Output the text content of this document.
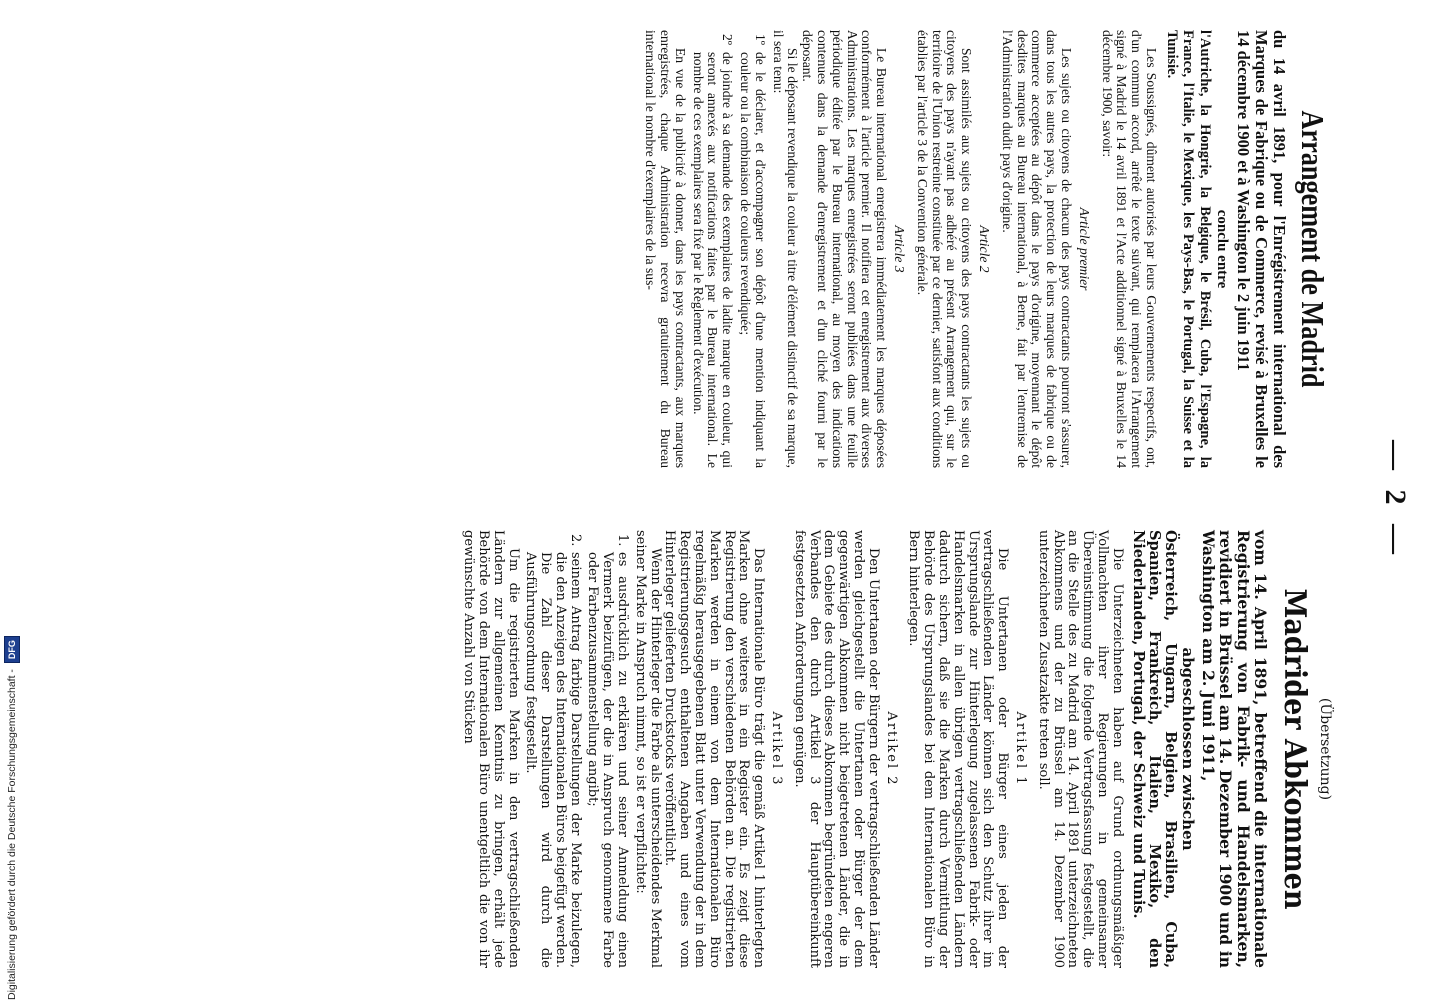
— 2 —
Arrangement de Madrid

du 14 avril 1891, pour l'Enrégistrement international des Marques de Fabrique ou de Commerce, revisé à Bruxelles le 14 décembre 1900 et à Washington le 2 juin 1911

conclu entre

l'Autriche, la Hongrie, la Belgique, le Brésil, Cuba, l'Espagne, la France, l'Italie, le Mexique, les Pays-Bas, le Portugal, la Suisse et la Tunisie.

Les Soussignés, dûment autorisés par leurs Gouvernements respectifs, ont, d'un commun accord, arrêté le texte suivant, qui remplacera l'Arrangement signé à Madrid le 14 avril 1891 et l'Acte additionnel signé à Bruxelles le 14 décembre 1900, savoir:

Article premier

Les sujets ou citoyens de chacun des pays contractants pourront s'assurer, dans tous les autres pays, la protection de leurs marques de fabrique ou de commerce acceptées au dépôt dans le pays d'origine, moyennant le dépôt desdites marques au Bureau international, à Berne, fait par l'entremise de l'Administration dudit pays d'origine.

Article 2

Sont assimilés aux sujets ou citoyens des pays contractants les sujets ou citoyens des pays n'ayant pas adhéré au présent Arrangement qui, sur le territoire de l'Union restreinte constituée par ce dernier, satisfont aux conditions établies par l'article 3 de la Convention générale.

Article 3

Le Bureau international enregistrera immédiatement les marques déposées conformément à l'article premier. Il notifiera cet enregistrement aux diverses Administrations. Les marques enregistrées seront publiées dans une feuille périodique éditée par le Bureau international, au moyen des indications contenues dans la demande d'enregistrement et d'un cliché fourni par le déposant.

Si le déposant revendique la couleur à titre d'élément distinctif de sa marque, il sera tenu:

1º
de le déclarer, et d'accompagner son dépôt d'une mention indiquant la couleur ou la combinaison de couleurs revendiquée;
2º
de joindre à sa demande des exemplaires de ladite marque en couleur, qui seront annexés aux notifications faites par le Bureau international. Le nombre de ces exemplaires sera fixé par le Règlement d'exécution.

En vue de la publicité à donner, dans les pays contractants, aux marques enregistrées, chaque Administration recevra gratuitement du Bureau international le nombre d'exemplaires de la sus-

(Übersetzung)
Madrider Abkommen

vom 14. April 1891, betreffend die internationale Registrierung von Fabrik- und Handelsmarken, revidiert in Brüssel am 14. Dezember 1900 und in Washington am 2. Juni 1911,

abgeschlossen zwischen

Österreich, Ungarn, Belgien, Brasilien, Cuba, Spanien, Frankreich, Italien, Mexiko, den Niederlanden, Portugal, der Schweiz und Tunis.

Die Unterzeichneten haben auf Grund ordnungsmäßiger Vollmachten ihrer Regierungen in gemeinsamer Übereinstimmung die folgende Vertragsfassung festgestellt, die an die Stelle des zu Madrid am 14. April 1891 unterzeichneten Abkommens und der zu Brüssel am 14. Dezember 1900 unterzeichneten Zusatzakte treten soll.

Artikel 1

Die Untertanen oder Bürger eines jeden der vertragschließenden Länder können sich den Schutz ihrer im Ursprungslande zur Hinterlegung zugelassenen Fabrik- oder Handelsmarken in allen übrigen vertragschließenden Ländern dadurch sichern, daß sie die Marken durch Vermittlung der Behörde des Ursprungslandes bei dem Internationalen Büro in Bern hinterlegen.

Artikel 2

Den Untertanen oder Bürgern der vertragschließenden Länder werden gleichgestellt die Untertanen oder Bürger der dem gegenwärtigen Abkommen nicht beigetretenen Länder, die in dem Gebiete des durch dieses Abkommen begründeten engeren Verbandes den durch Artikel 3 der Hauptübereinkunft festgesetzten Anforderungen genügen.

Artikel 3

Das Internationale Büro trägt die gemäß Artikel 1 hinterlegten Marken ohne weiteres in ein Register ein. Es zeigt diese Registrierung den verschiedenen Behörden an. Die registrierten Marken werden in einem von dem Internationalen Büro regelmäßig herausgegebenen Blatt unter Verwendung der in dem Registrierungsgesuch enthaltenen Angaben und eines vom Hinterleger gelieferten Druckstocks veröffentlicht.

Wenn der Hinterleger die Farbe als unterscheidendes Merkmal seiner Marke in Anspruch nimmt, so ist er verpflichtet:

1.
es ausdrücklich zu erklären und seiner Anmeldung einen Vermerk beizufügen, der die in Anspruch genommene Farbe oder Farbenzusammenstellung angibt;
2.
seinem Antrag farbige Darstellungen der Marke beizulegen, die den Anzeigen des Internationalen Büros beigefügt werden. Die Zahl dieser Darstellungen wird durch die Ausführungsordnung festgestellt.

Um die registrierten Marken in den vertragschließenden Ländern zur allgemeinen Kenntnis zu bringen, erhält jede Behörde von dem Internationalen Büro unentgeltlich die von ihr gewünschte Anzahl von Stücken

Digitalisierung gefördert durch die Deutsche Forschungsgemeinschaft -
DFG
